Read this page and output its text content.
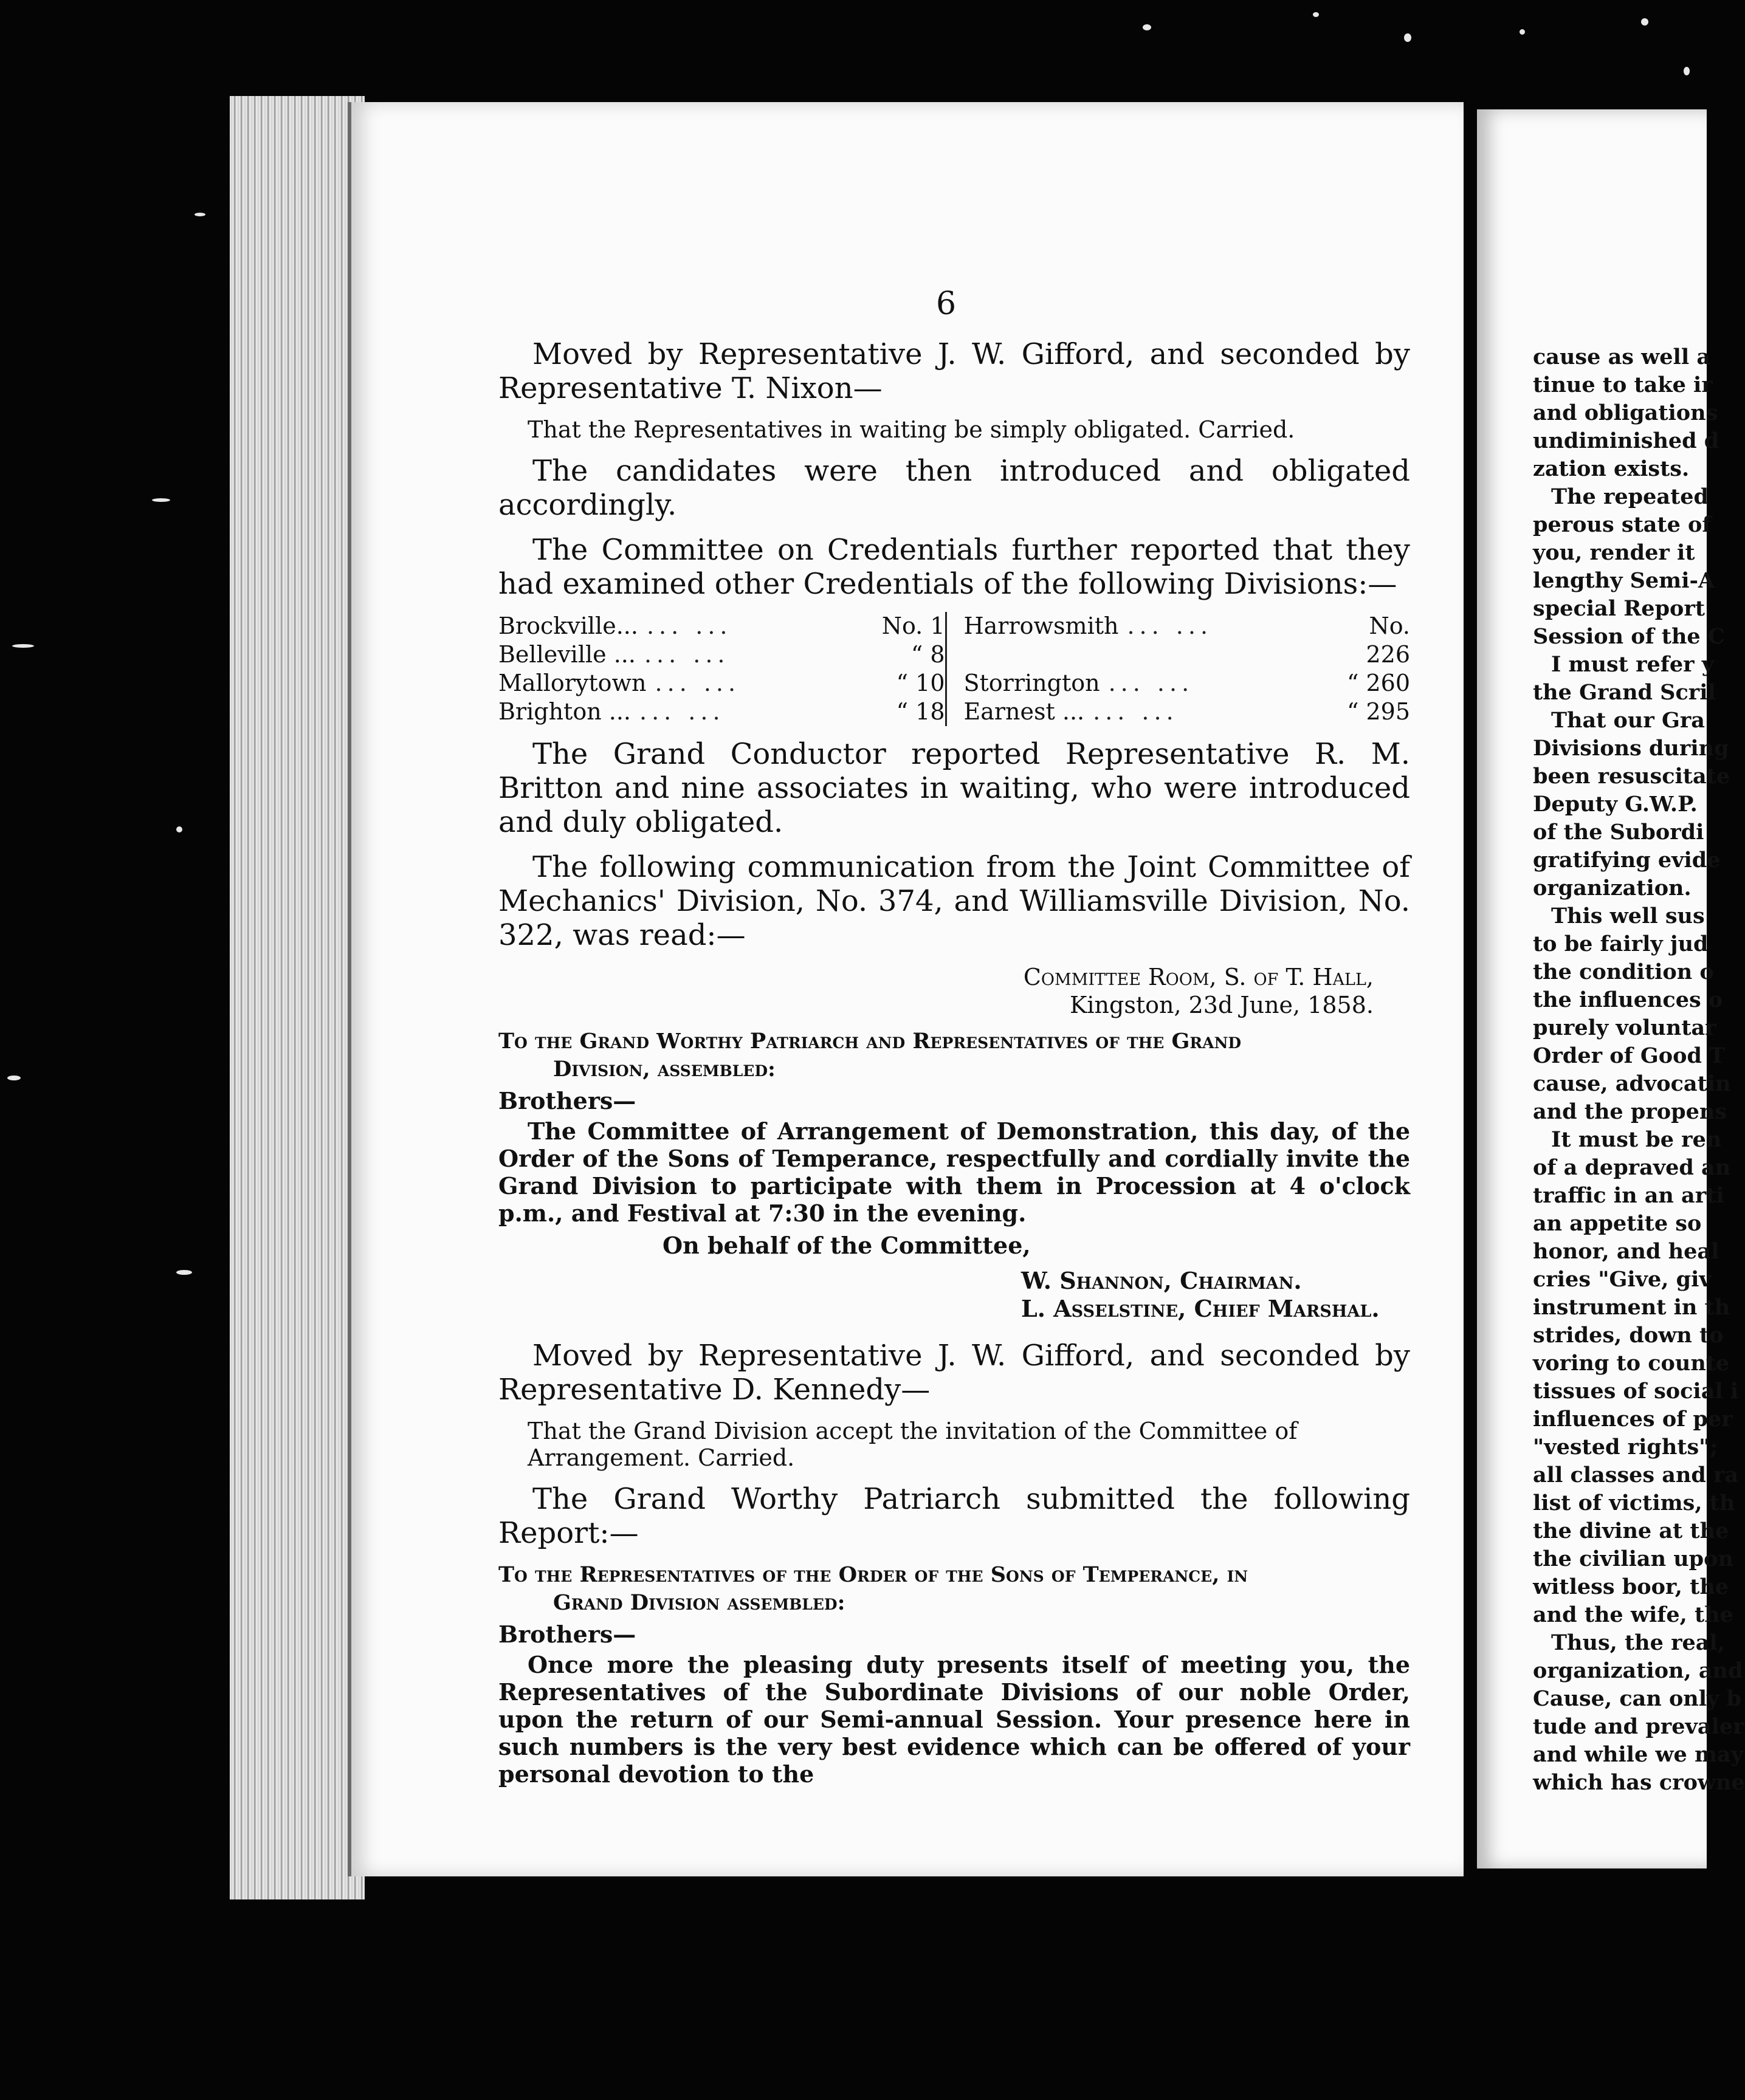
6

Moved by Representative J. W. Gifford, and seconded by Representative T. Nixon—

That the Representatives in waiting be simply obligated. Carried.

The candidates were then introduced and obligated accordingly.

The Committee on Credentials further reported that they had examined other Credentials of the following Divisions:—

Brockville... ... ...	No. 1
Belleville ... ... ...	“ 8
Mallorytown ... ...	“ 10
Brighton ... ... ...	“ 18
Harrowsmith ... ...	No. 226
Storrington ... ...	“ 260
Earnest ... ... ...	“ 295

The Grand Conductor reported Representative R. M. Britton and nine associates in waiting, who were introduced and duly obligated.

The following communication from the Joint Committee of Mechanics' Division, No. 374, and Williamsville Division, No. 322, was read:—

Committee Room, S. of T. Hall,
Kingston, 23d June, 1858.

To the Grand Worthy Patriarch and Representatives of the Grand

Division, assembled:

Brothers—

The Committee of Arrangement of Demonstration, this day, of the Order of the Sons of Temperance, respectfully and cordially invite the Grand Division to participate with them in Procession at 4 o'clock p.m., and Festival at 7:30 in the evening.

On behalf of the Committee,

W. Shannon, Chairman.

L. Asselstine, Chief Marshal.

Moved by Representative J. W. Gifford, and seconded by Representative D. Kennedy—

That the Grand Division accept the invitation of the Committee of Arrangement. Carried.

The Grand Worthy Patriarch submitted the following Report:—

To the Representatives of the Order of the Sons of Temperance, in

Grand Division assembled:

Brothers—

Once more the pleasing duty presents itself of meeting you, the Representatives of the Subordinate Divisions of our noble Order, upon the return of our Semi-annual Session. Your presence here in such numbers is the very best evidence which can be offered of your personal devotion to the

cause as well a
tinue to take ir
and obligations
undiminished d
zation exists.
The repeated
perous state of
you, render it
lengthy Semi-A
special Report
Session of the C
I must refer y
the Grand Scril
That our Gra
Divisions during
been resuscitate
Deputy G.W.P.
of the Subordi
gratifying evide
organization.
This well sus
to be fairly jud
the condition o
the influences o
purely voluntar
Order of Good T
cause, advocatin
and the propens
It must be ren
of a depraved an
traffic in an arti
an appetite so
honor, and heal
cries "Give, giv
instrument in th
strides, down to
voring to counte
tissues of social i
influences of per
"vested rights";
all classes and ra
list of victims, th
the divine at the
the civilian upon
witless boor, the
and the wife, the
Thus, the real,
organization, and
Cause, can only b
tude and prevaler
and while we may
which has crowne
